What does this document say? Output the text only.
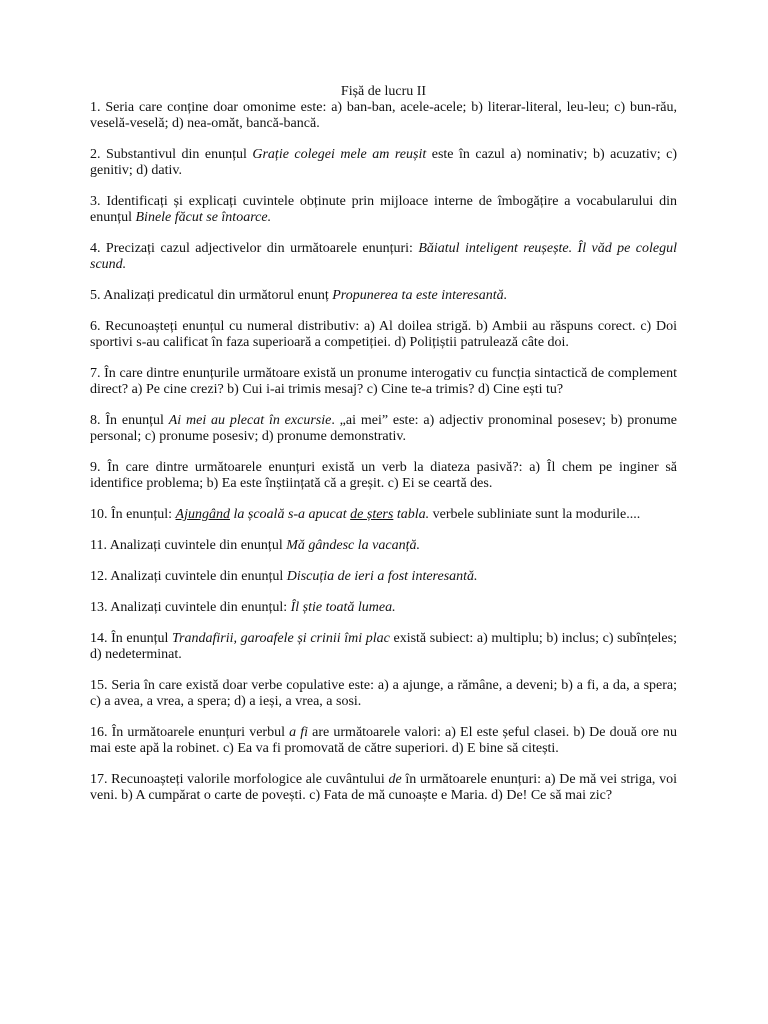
Fișă de lucru II

1. Seria care conține doar omonime este: a) ban-ban, acele-acele; b) literar-literal, leu-leu; c) bun-rău, veselă-veselă; d) nea-omăt, bancă-bancă.

2. Substantivul din enunțul Grație colegei mele am reușit este în cazul a) nominativ; b) acuzativ; c) genitiv; d) dativ.

3. Identificați și explicați cuvintele obținute prin mijloace interne de îmbogățire a vocabularului din enunțul Binele făcut se întoarce.

4. Precizați cazul adjectivelor din următoarele enunțuri: Băiatul inteligent reușește. Îl văd pe colegul scund.

5. Analizați predicatul din următorul enunț Propunerea ta este interesantă.

6. Recunoașteți enunțul cu numeral distributiv: a) Al doilea strigă. b) Ambii au răspuns corect. c) Doi sportivi s-au calificat în faza superioară a competiției. d) Polițiștii patrulează câte doi.

7. În care dintre enunțurile următoare există un pronume interogativ cu funcția sintactică de complement direct? a) Pe cine crezi? b) Cui i-ai trimis mesaj? c) Cine te-a trimis? d) Cine ești tu?

8. În enunțul Ai mei au plecat în excursie. „ai mei” este: a) adjectiv pronominal posesev; b) pronume personal; c) pronume posesiv; d) pronume demonstrativ.

9. În care dintre următoarele enunțuri există un verb la diateza pasivă?: a) Îl chem pe inginer să identifice problema; b) Ea este înștiințată că a greșit. c) Ei se ceartă des.

10. În enunțul: Ajungând la școală s-a apucat de șters tabla. verbele subliniate sunt la modurile....

11. Analizați cuvintele din enunțul Mă gândesc la vacanță.

12. Analizați cuvintele din enunțul Discuția de ieri a fost interesantă.

13. Analizați cuvintele din enunțul: Îl știe toată lumea.

14. În enunțul Trandafirii, garoafele și crinii îmi plac există subiect: a) multiplu; b) inclus; c) subînțeles; d) nedeterminat.

15. Seria în care există doar verbe copulative este: a) a ajunge, a rămâne, a deveni; b) a fi, a da, a spera; c) a avea, a vrea, a spera; d) a ieși, a vrea, a sosi.

16. În următoarele enunțuri verbul a fi are următoarele valori: a) El este șeful clasei. b) De două ore nu mai este apă la robinet. c) Ea va fi promovată de către superiori. d) E bine să citești.

17. Recunoașteți valorile morfologice ale cuvântului de în următoarele enunțuri: a) De mă vei striga, voi veni. b) A cumpărat o carte de povești. c) Fata de mă cunoaște e Maria. d) De! Ce să mai zic?
